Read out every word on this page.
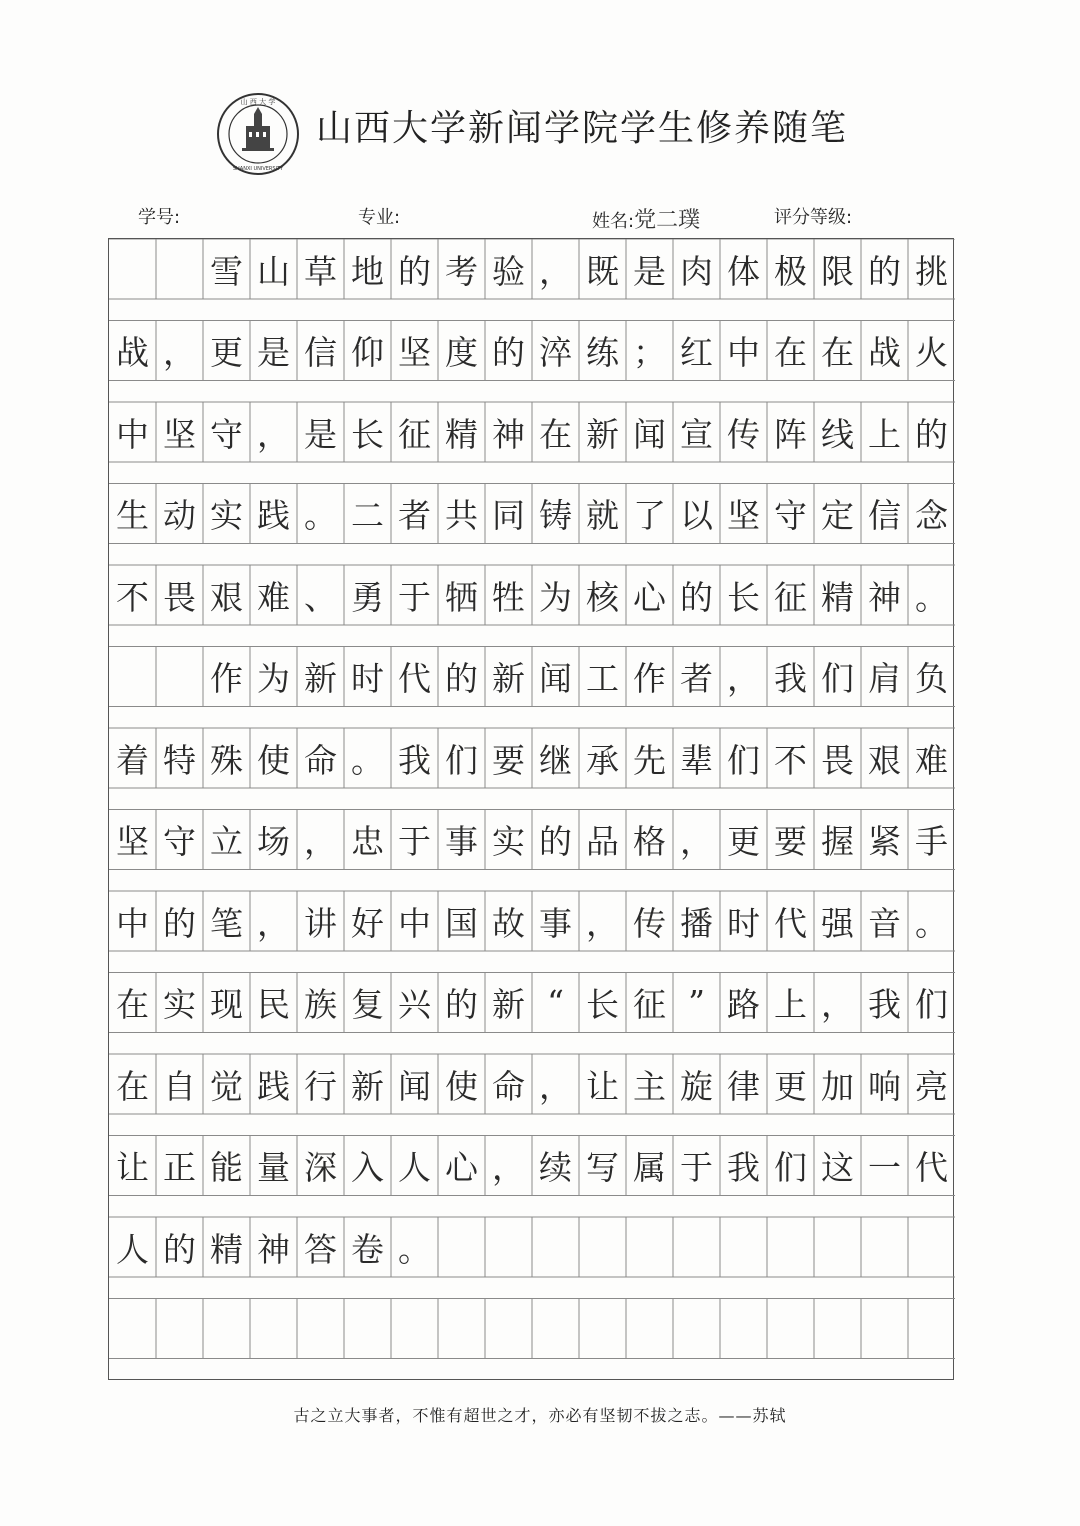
山 西 大 学
SHANXI UNIVERSITY
山西大学新闻学院学生修养随笔
学号:	专业:	姓名:党二璞	评分等级:
雪 山 草 地 的 考 验 ， 既 是 肉 体 极 限 的 挑
战 ， 更 是 信 仰 坚 度 的 淬 练 ； 红 中 在 在 战 火
中 坚 守 ， 是 长 征 精 神 在 新 闻 宣 传 阵 线 上 的
生 动 实 践 。 二 者 共 同 铸 就 了 以 坚 守 定 信 念
不 畏 艰 难 、 勇 于 牺 牲 为 核 心 的 长 征 精 神 。
作 为 新 时 代 的 新 闻 工 作 者 ， 我 们 肩 负
着 特 殊 使 命 。 我 们 要 继 承 先 辈 们 不 畏 艰 难
坚 守 立 场 ， 忠 于 事 实 的 品 格 ， 更 要 握 紧 手
中 的 笔 ， 讲 好 中 国 故 事 ， 传 播 时 代 强 音 。
在 实 现 民 族 复 兴 的 新 “ 长 征 ” 路 上 ， 我 们
在 自 觉 践 行 新 闻 使 命 ， 让 主 旋 律 更 加 响 亮
让 正 能 量 深 入 人 心 ， 续 写 属 于 我 们 这 一 代
人 的 精 神 答 卷 。
古之立大事者，不惟有超世之才，亦必有坚韧不拔之志。——苏轼
